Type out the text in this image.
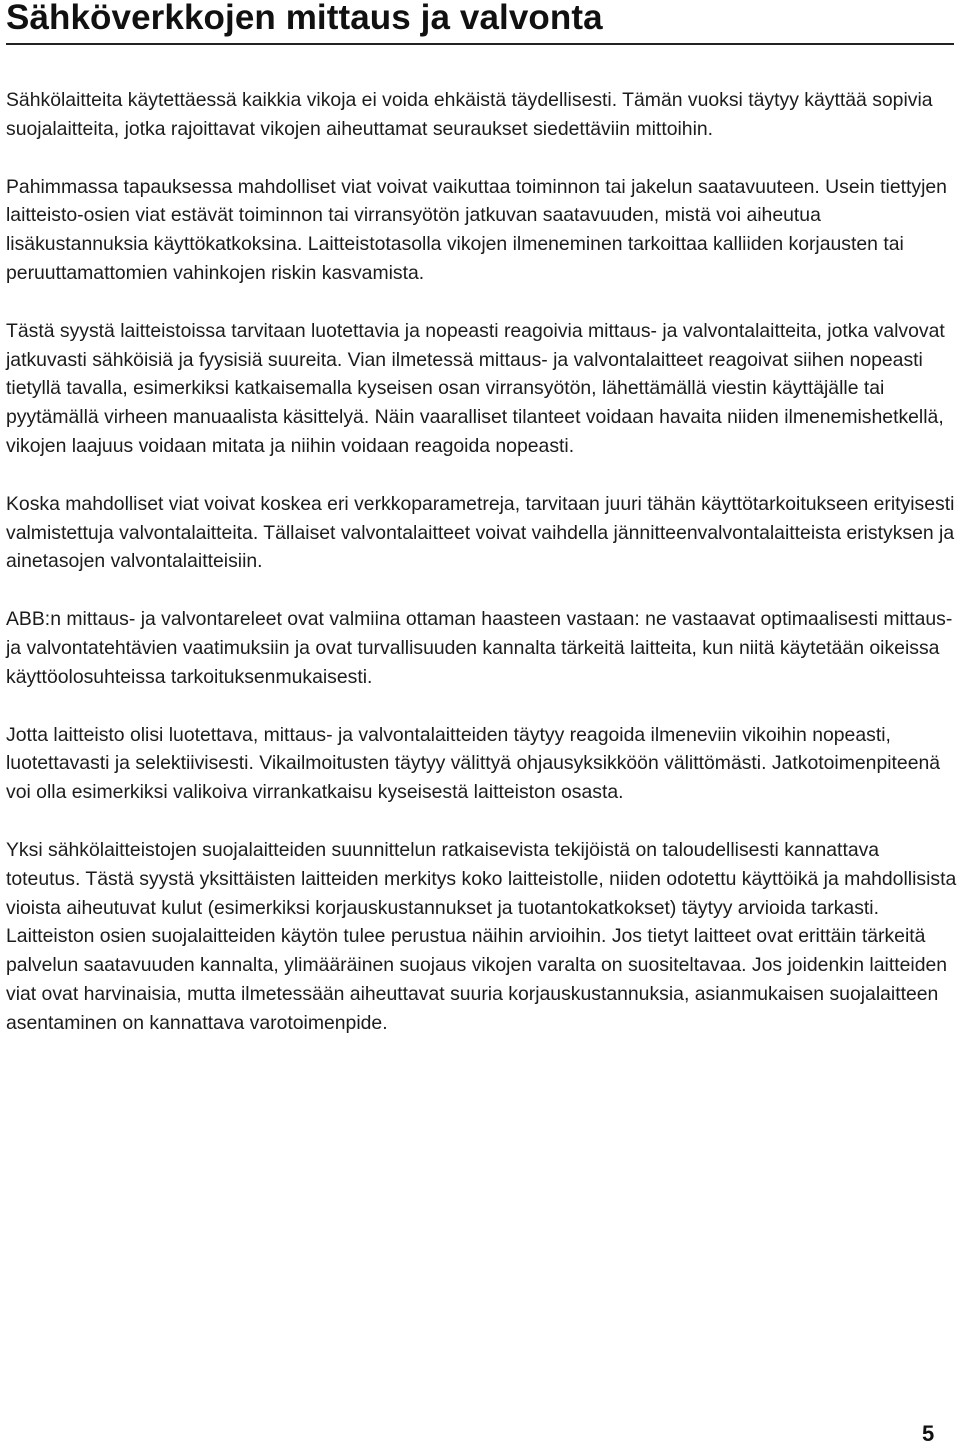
Sähköverkkojen mittaus ja valvonta

Sähkölaitteita käytettäessä kaikkia vikoja ei voida ehkäistä täydellisesti. Tämän vuoksi täytyy käyttää sopivia suojalaitteita, jotka rajoittavat vikojen aiheuttamat seuraukset siedettäviin mittoihin.

Pahimmassa tapauksessa mahdolliset viat voivat vaikuttaa toiminnon tai jakelun saatavuuteen. Usein tiettyjen laitteisto-osien viat estävät toiminnon tai virransyötön jatkuvan saatavuuden, mistä voi aiheutua lisäkustannuksia käyttökatkoksina. Laitteistotasolla vikojen ilmeneminen tarkoittaa kalliiden korjausten tai peruuttamattomien vahinkojen riskin kasvamista.

Tästä syystä laitteistoissa tarvitaan luotettavia ja nopeasti reagoivia mittaus- ja valvontalaitteita, jotka valvovat jatkuvasti sähköisiä ja fyysisiä suureita. Vian ilmetessä mittaus- ja valvontalaitteet reagoivat siihen nopeasti tietyllä tavalla, esimerkiksi katkaisemalla kyseisen osan virransyötön, lähettämällä viestin käyttäjälle tai pyytämällä virheen manuaalista käsittelyä. Näin vaaralliset tilanteet voidaan havaita niiden ilmenemishetkellä, vikojen laajuus voidaan mitata ja niihin voidaan reagoida nopeasti.

Koska mahdolliset viat voivat koskea eri verkkoparametreja, tarvitaan juuri tähän käyttötarkoitukseen erityisesti valmistettuja valvontalaitteita. Tällaiset valvontalaitteet voivat vaihdella jännitteenvalvontalaitteista eristyksen ja ainetasojen valvontalaitteisiin.

ABB:n mittaus- ja valvontareleet ovat valmiina ottaman haasteen vastaan: ne vastaavat optimaalisesti mittaus- ja valvontatehtävien vaatimuksiin ja ovat turvallisuuden kannalta tärkeitä laitteita, kun niitä käytetään oikeissa käyttöolosuhteissa tarkoituksenmukaisesti.

Jotta laitteisto olisi luotettava, mittaus- ja valvontalaitteiden täytyy reagoida ilmeneviin vikoihin nopeasti, luotettavasti ja selektiivisesti. Vikailmoitusten täytyy välittyä ohjausyksikköön välittömästi. Jatkotoimenpiteenä voi olla esimerkiksi valikoiva virrankatkaisu kyseisestä laitteiston osasta.

Yksi sähkölaitteistojen suojalaitteiden suunnittelun ratkaisevista tekijöistä on taloudellisesti kannattava toteutus. Tästä syystä yksittäisten laitteiden merkitys koko laitteistolle, niiden odotettu käyttöikä ja mahdollisista vioista aiheutuvat kulut (esimerkiksi korjauskustannukset ja tuotantokatkokset) täytyy arvioida tarkasti. Laitteiston osien suojalaitteiden käytön tulee perustua näihin arvioihin. Jos tietyt laitteet ovat erittäin tärkeitä palvelun saatavuuden kannalta, ylimääräinen suojaus vikojen varalta on suositeltavaa. Jos joidenkin laitteiden viat ovat harvinaisia, mutta ilmetessään aiheuttavat suuria korjauskustannuksia, asianmukaisen suojalaitteen asentaminen on kannattava varotoimenpide.

5
